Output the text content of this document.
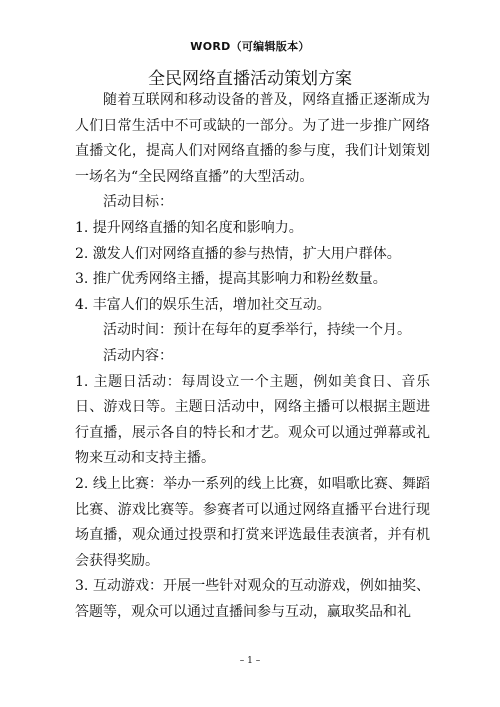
WORD（可编辑版本）
全民网络直播活动策划方案

随着互联网和移动设备的普及，网络直播正逐渐成为人们日常生活中不可或缺的一部分。为了进一步推广网络直播文化，提高人们对网络直播的参与度，我们计划策划一场名为“全民网络直播”的大型活动。

活动目标：

1. 提升网络直播的知名度和影响力。

2. 激发人们对网络直播的参与热情，扩大用户群体。

3. 推广优秀网络主播，提高其影响力和粉丝数量。

4. 丰富人们的娱乐生活，增加社交互动。

活动时间：预计在每年的夏季举行，持续一个月。

活动内容：

1. 主题日活动：每周设立一个主题，例如美食日、音乐日、游戏日等。主题日活动中，网络主播可以根据主题进行直播，展示各自的特长和才艺。观众可以通过弹幕或礼物来互动和支持主播。

2. 线上比赛：举办一系列的线上比赛，如唱歌比赛、舞蹈比赛、游戏比赛等。参赛者可以通过网络直播平台进行现场直播，观众通过投票和打赏来评选最佳表演者，并有机会获得奖励。

3. 互动游戏：开展一些针对观众的互动游戏，例如抽奖、答题等，观众可以通过直播间参与互动，赢取奖品和礼

– 1 –
